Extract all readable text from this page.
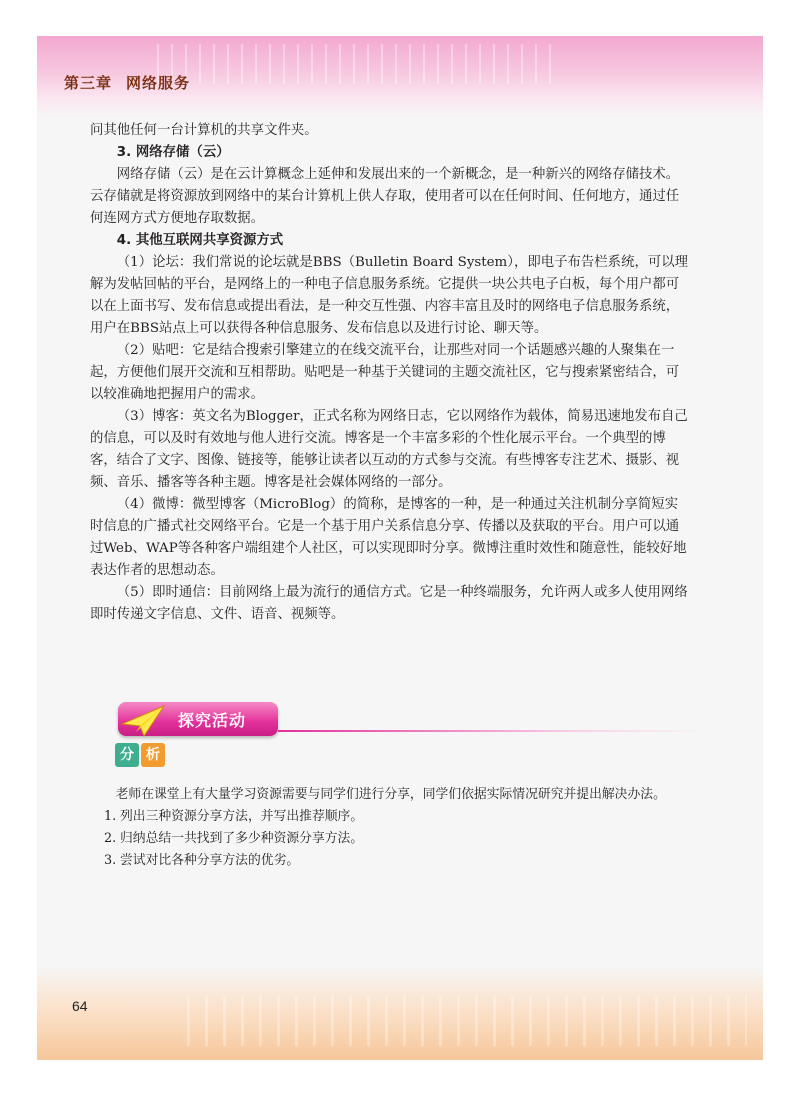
第三章 网络服务
64

问其他任何一台计算机的共享文件夹。

3. 网络存储（云）

网络存储（云）是在云计算概念上延伸和发展出来的一个新概念，是一种新兴的网络存储技术。云存储就是将资源放到网络中的某台计算机上供人存取，使用者可以在任何时间、任何地方，通过任何连网方式方便地存取数据。

4. 其他互联网共享资源方式

（1）论坛：我们常说的论坛就是BBS（Bulletin Board System），即电子布告栏系统，可以理解为发帖回帖的平台，是网络上的一种电子信息服务系统。它提供一块公共电子白板，每个用户都可以在上面书写、发布信息或提出看法，是一种交互性强、内容丰富且及时的网络电子信息服务系统，用户在BBS站点上可以获得各种信息服务、发布信息以及进行讨论、聊天等。

（2）贴吧：它是结合搜索引擎建立的在线交流平台，让那些对同一个话题感兴趣的人聚集在一起，方便他们展开交流和互相帮助。贴吧是一种基于关键词的主题交流社区，它与搜索紧密结合，可以较准确地把握用户的需求。

（3）博客：英文名为Blogger，正式名称为网络日志，它以网络作为载体，简易迅速地发布自己的信息，可以及时有效地与他人进行交流。博客是一个丰富多彩的个性化展示平台。一个典型的博客，结合了文字、图像、链接等，能够让读者以互动的方式参与交流。有些博客专注艺术、摄影、视频、音乐、播客等各种主题。博客是社会媒体网络的一部分。

（4）微博：微型博客（MicroBlog）的简称，是博客的一种，是一种通过关注机制分享简短实时信息的广播式社交网络平台。它是一个基于用户关系信息分享、传播以及获取的平台。用户可以通过Web、WAP等各种客户端组建个人社区，可以实现即时分享。微博注重时效性和随意性，能较好地表达作者的思想动态。

（5）即时通信：目前网络上最为流行的通信方式。它是一种终端服务，允许两人或多人使用网络即时传递文字信息、文件、语音、视频等。

探究活动
分 析

老师在课堂上有大量学习资源需要与同学们进行分享，同学们依据实际情况研究并提出解决办法。

1. 列出三种资源分享方法，并写出推荐顺序。
2. 归纳总结一共找到了多少种资源分享方法。
3. 尝试对比各种分享方法的优劣。
